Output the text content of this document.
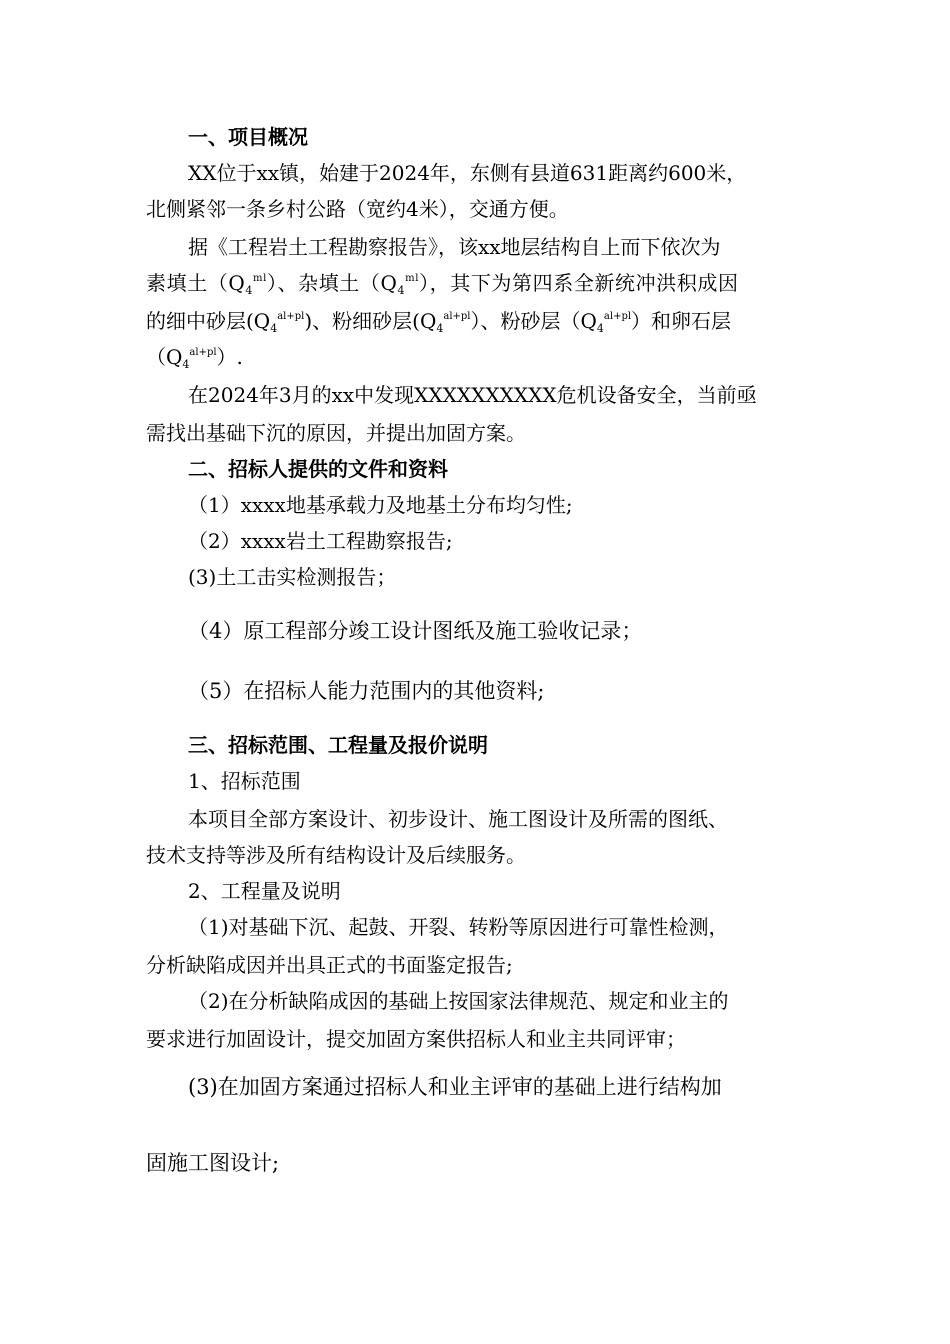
一、项目概况
XX位于xx镇，始建于2024年，东侧有县道631距离约600米，
北侧紧邻一条乡村公路（宽约4米），交通方便。
据《工程岩土工程勘察报告》，该xx地层结构自上而下依次为
素填土$(Q_4^{ml})$、杂填土$(Q_4^{ml})$，其下为第四系全新统冲洪积成因
的细中砂层$(Q_4^{al+pl})$、粉细砂层$(Q_4^{al+pl})$、粉砂层$(Q_4^{al+pl})$和卵石层
$(Q_4^{al+pl})$.
在2024年3月的xx中发现XXXXXXXXXX危机设备安全，当前亟
需找出基础下沉的原因，并提出加固方案。
二、招标人提供的文件和资料
（1）xxxx地基承载力及地基土分布均匀性;
（2）xxxx岩土工程勘察报告;
(3)土工击实检测报告；
（4）原工程部分竣工设计图纸及施工验收记录；
（5）在招标人能力范围内的其他资料;
三、招标范围、工程量及报价说明
1、招标范围
本项目全部方案设计、初步设计、施工图设计及所需的图纸、
技术支持等涉及所有结构设计及后续服务。
2、工程量及说明
（1)对基础下沉、起鼓、开裂、转粉等原因进行可靠性检测，
分析缺陷成因并出具正式的书面鉴定报告;
（2)在分析缺陷成因的基础上按国家法律规范、规定和业主的
要求进行加固设计，提交加固方案供招标人和业主共同评审；
(3)在加固方案通过招标人和业主评审的基础上进行结构加
固施工图设计;
